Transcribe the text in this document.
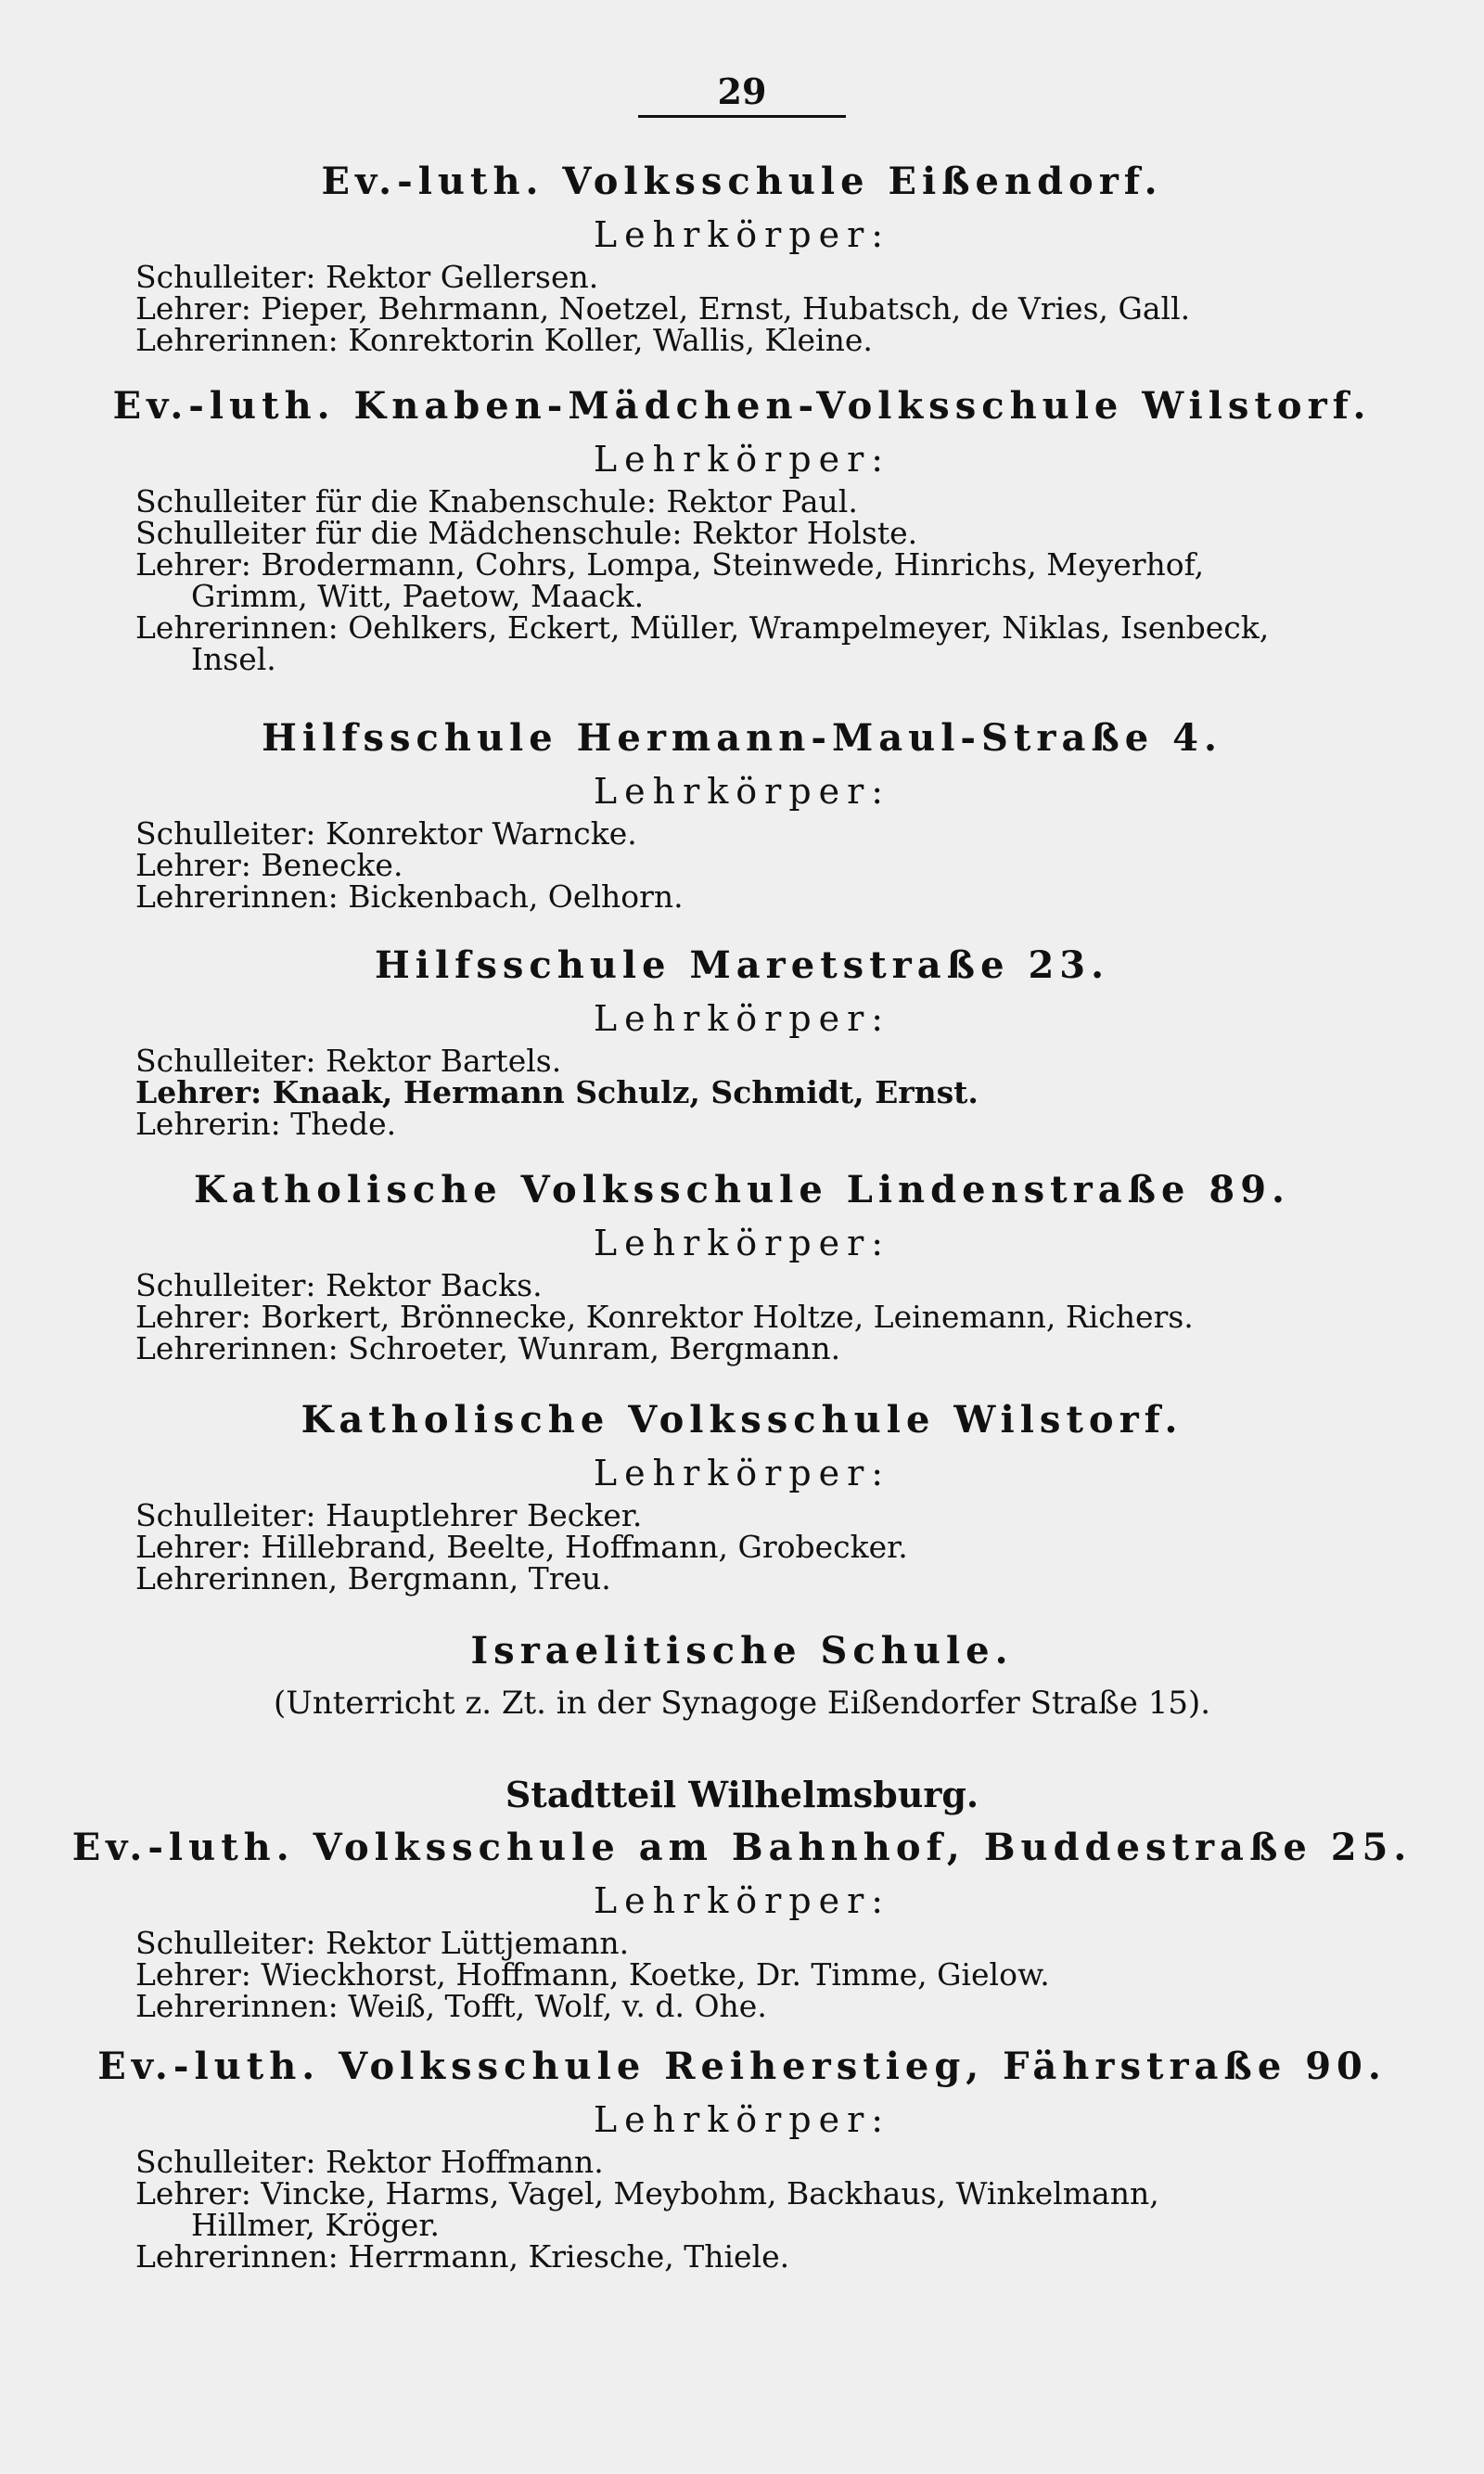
29
Ev.-luth. Volksschule Eißendorf.
Lehrkörper:
Schulleiter: Rektor Gellersen.
Lehrer: Pieper, Behrmann, Noetzel, Ernst, Hubatsch, de Vries, Gall.
Lehrerinnen: Konrektorin Koller, Wallis, Kleine.
Ev.-luth. Knaben-Mädchen-Volksschule Wilstorf.
Lehrkörper:
Schulleiter für die Knabenschule: Rektor Paul.
Schulleiter für die Mädchenschule: Rektor Holste.
Lehrer: Brodermann, Cohrs, Lompa, Steinwede, Hinrichs, Meyerhof,
Grimm, Witt, Paetow, Maack.
Lehrerinnen: Oehlkers, Eckert, Müller, Wrampelmeyer, Niklas, Isenbeck,
Insel.
Hilfsschule Hermann-Maul-Straße 4.
Lehrkörper:
Schulleiter: Konrektor Warncke.
Lehrer: Benecke.
Lehrerinnen: Bickenbach, Oelhorn.
Hilfsschule Maretstraße 23.
Lehrkörper:
Schulleiter: Rektor Bartels.
Lehrer: Knaak, Hermann Schulz, Schmidt, Ernst.
Lehrerin: Thede.
Katholische Volksschule Lindenstraße 89.
Lehrkörper:
Schulleiter: Rektor Backs.
Lehrer: Borkert, Brönnecke, Konrektor Holtze, Leinemann, Richers.
Lehrerinnen: Schroeter, Wunram, Bergmann.
Katholische Volksschule Wilstorf.
Lehrkörper:
Schulleiter: Hauptlehrer Becker.
Lehrer: Hillebrand, Beelte, Hoffmann, Grobecker.
Lehrerinnen, Bergmann, Treu.
Israelitische Schule.
(Unterricht z. Zt. in der Synagoge Eißendorfer Straße 15).
Stadtteil Wilhelmsburg.
Ev.-luth. Volksschule am Bahnhof, Buddestraße 25.
Lehrkörper:
Schulleiter: Rektor Lüttjemann.
Lehrer: Wieckhorst, Hoffmann, Koetke, Dr. Timme, Gielow.
Lehrerinnen: Weiß, Tofft, Wolf, v. d. Ohe.
Ev.-luth. Volksschule Reiherstieg, Fährstraße 90.
Lehrkörper:
Schulleiter: Rektor Hoffmann.
Lehrer: Vincke, Harms, Vagel, Meybohm, Backhaus, Winkelmann,
Hillmer, Kröger.
Lehrerinnen: Herrmann, Kriesche, Thiele.
